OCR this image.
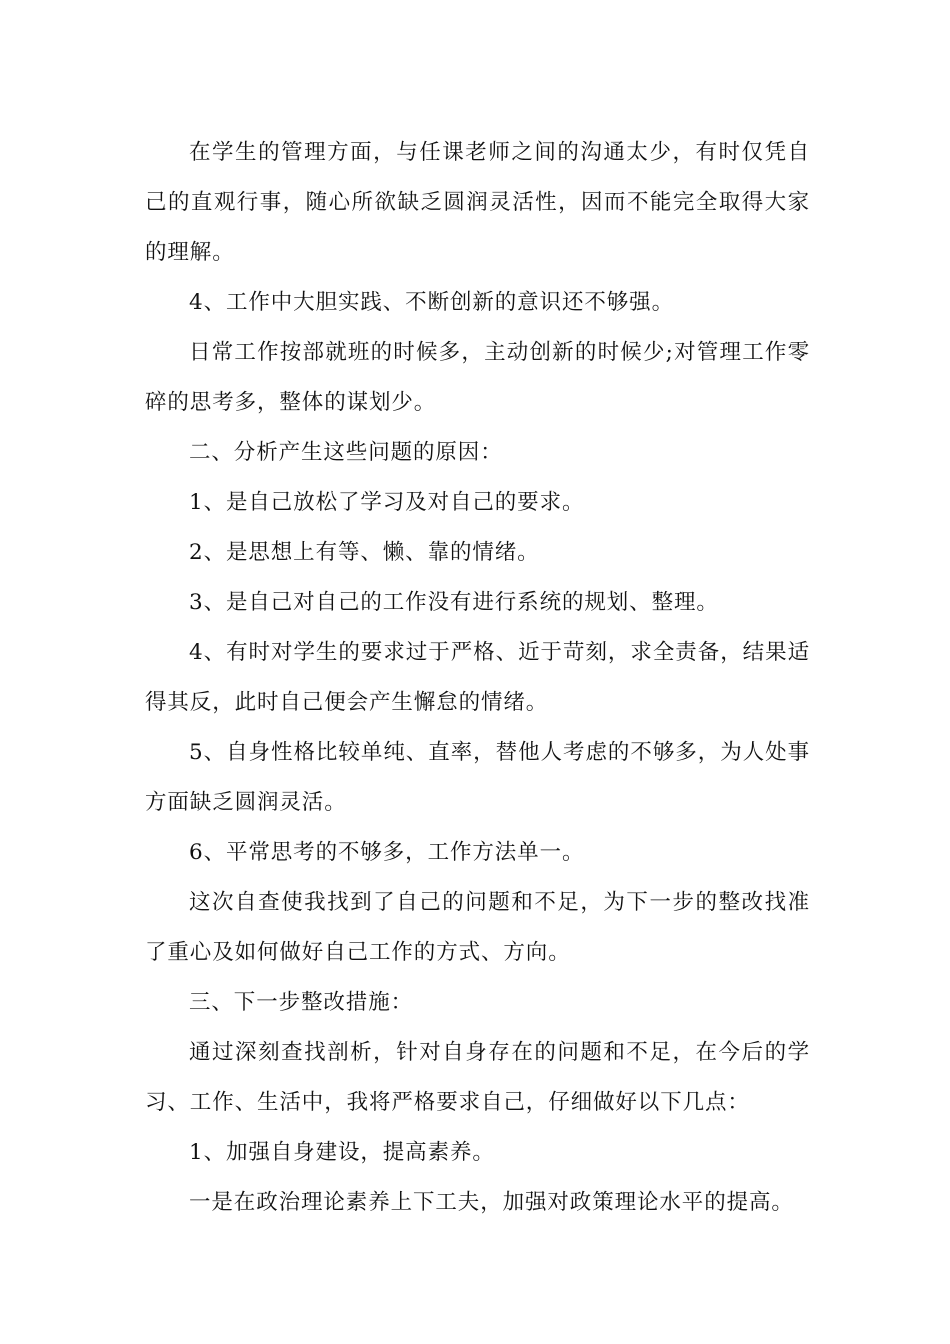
在学生的管理方面，与任课老师之间的沟通太少，有时仅凭自己的直观行事，随心所欲缺乏圆润灵活性，因而不能完全取得大家的理解。

4、工作中大胆实践、不断创新的意识还不够强。

日常工作按部就班的时候多，主动创新的时候少;对管理工作零碎的思考多，整体的谋划少。

二、分析产生这些问题的原因：

1、是自己放松了学习及对自己的要求。

2、是思想上有等、懒、靠的情绪。

3、是自己对自己的工作没有进行系统的规划、整理。

4、有时对学生的要求过于严格、近于苛刻，求全责备，结果适得其反，此时自己便会产生懈怠的情绪。

5、自身性格比较单纯、直率，替他人考虑的不够多，为人处事方面缺乏圆润灵活。

6、平常思考的不够多，工作方法单一。

这次自查使我找到了自己的问题和不足，为下一步的整改找准了重心及如何做好自己工作的方式、方向。

三、下一步整改措施：

通过深刻查找剖析，针对自身存在的问题和不足，在今后的学习、工作、生活中，我将严格要求自己，仔细做好以下几点：

1、加强自身建设，提高素养。

一是在政治理论素养上下工夫，加强对政策理论水平的提高。
